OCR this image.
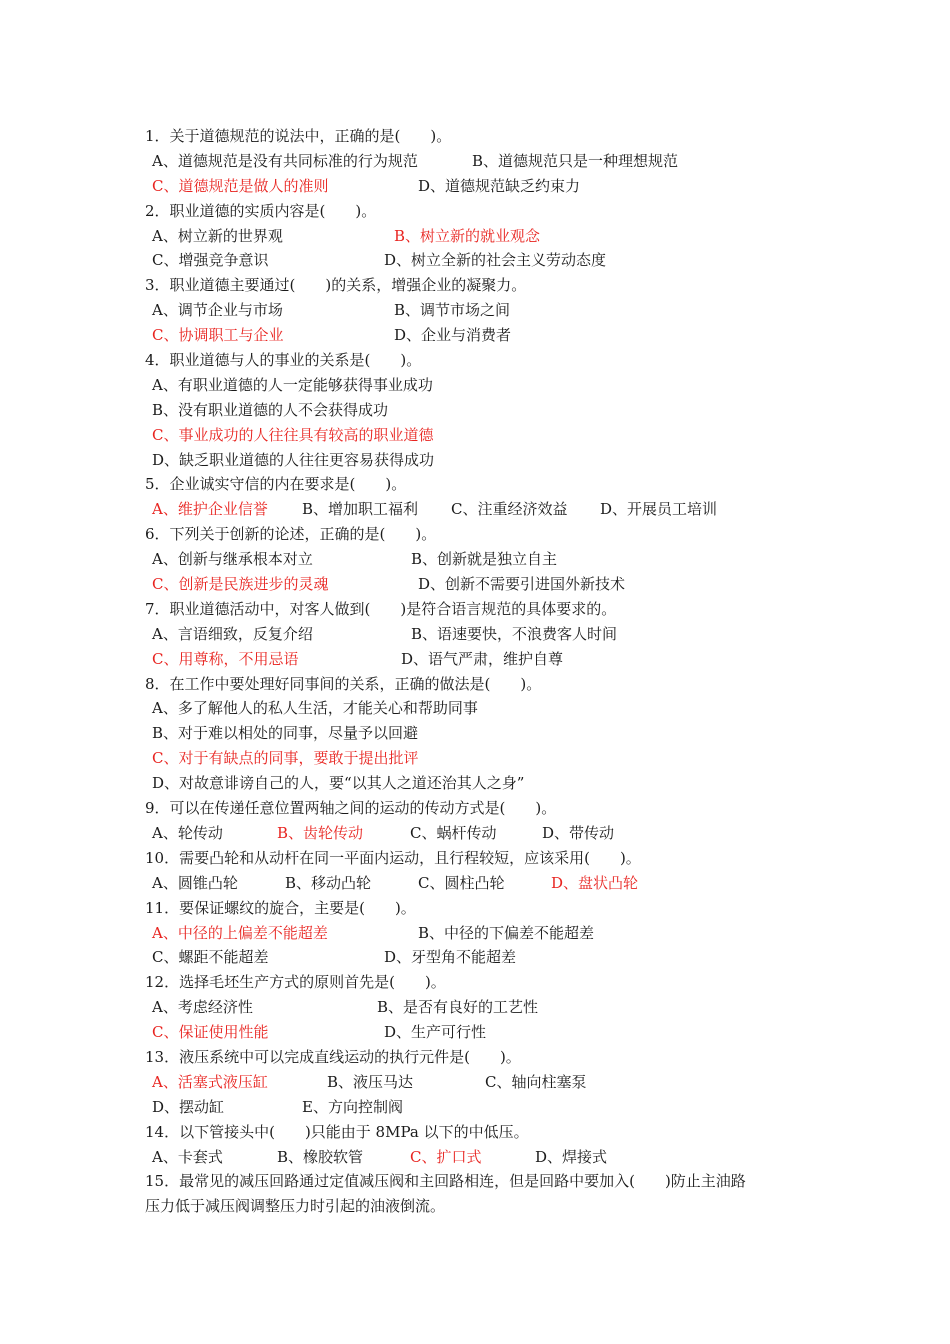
1．关于道德规范的说法中，正确的是(　　)。
A、道德规范是没有共同标准的行为规范	B、道德规范只是一种理想规范
C、道德规范是做人的准则	D、道德规范缺乏约束力
2．职业道德的实质内容是(　　)。
A、树立新的世界观	B、树立新的就业观念
C、增强竞争意识	D、树立全新的社会主义劳动态度
3．职业道德主要通过(　　)的关系，增强企业的凝聚力。
A、调节企业与市场	B、调节市场之间
C、协调职工与企业	D、企业与消费者
4．职业道德与人的事业的关系是(　　)。
A、有职业道德的人一定能够获得事业成功
B、没有职业道德的人不会获得成功
C、事业成功的人往往具有较高的职业道德
D、缺乏职业道德的人往往更容易获得成功
5．企业诚实守信的内在要求是(　　)。
A、维护企业信誉 B、增加职工福利 C、注重经济效益 D、开展员工培训
6．下列关于创新的论述，正确的是(　　)。
A、创新与继承根本对立	B、创新就是独立自主
C、创新是民族进步的灵魂	D、创新不需要引进国外新技术
7．职业道德活动中，对客人做到(　　)是符合语言规范的具体要求的。
A、言语细致，反复介绍	B、语速要快，不浪费客人时间
C、用尊称，不用忌语	D、语气严肃，维护自尊
8．在工作中要处理好同事间的关系，正确的做法是(　　)。
A、多了解他人的私人生活，才能关心和帮助同事
B、对于难以相处的同事，尽量予以回避
C、对于有缺点的同事，要敢于提出批评
D、对故意诽谤自己的人，要“以其人之道还治其人之身”
9．可以在传递任意位置两轴之间的运动的传动方式是(　　)。
A、轮传动	B、齿轮传动	C、蜗杆传动	D、带传动
10．需要凸轮和从动杆在同一平面内运动，且行程较短，应该采用(　　)。
A、圆锥凸轮	B、移动凸轮	C、圆柱凸轮	D、盘状凸轮
11．要保证螺纹的旋合，主要是(　　)。
A、中径的上偏差不能超差	B、中径的下偏差不能超差
C、螺距不能超差	D、牙型角不能超差
12．选择毛坯生产方式的原则首先是(　　)。
A、考虑经济性	B、是否有良好的工艺性
C、保证使用性能	D、生产可行性
13．液压系统中可以完成直线运动的执行元件是(　　)。
A、活塞式液压缸	B、液压马达	C、轴向柱塞泵
D、摆动缸	E、方向控制阀
14．以下管接头中(　　)只能由于 8MPa 以下的中低压。
A、卡套式	B、橡胶软管	C、扩口式	D、焊接式
15．最常见的减压回路通过定值减压阀和主回路相连，但是回路中要加入(　　)防止主油路
压力低于减压阀调整压力时引起的油液倒流。
